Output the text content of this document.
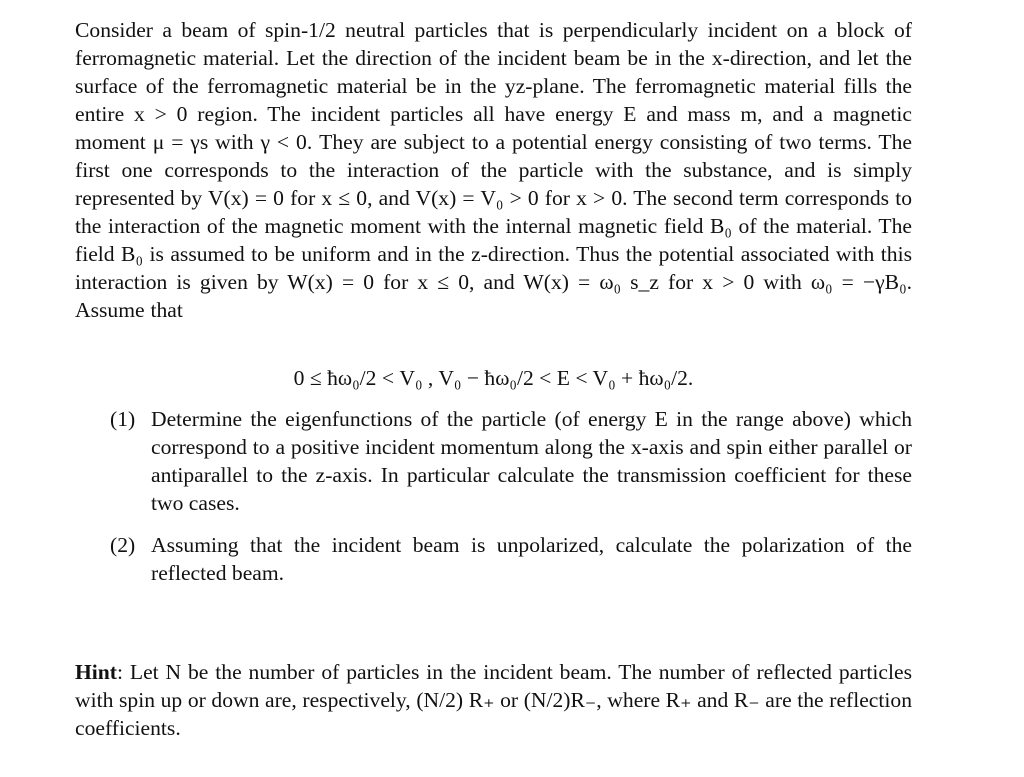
Consider a beam of spin-1/2 neutral particles that is perpendicularly incident on a block of ferromagnetic material. Let the direction of the incident beam be in the x-direction, and let the surface of the ferromagnetic material be in the yz-plane. The ferromagnetic material fills the entire x > 0 region. The incident particles all have energy E and mass m, and a magnetic moment μ = γs with γ < 0. They are subject to a potential energy consisting of two terms. The first one corresponds to the interaction of the particle with the substance, and is simply represented by V(x) = 0 for x ≤ 0, and V(x) = V₀ > 0 for x > 0. The second term corresponds to the interaction of the magnetic moment with the internal magnetic field B₀ of the material. The field B₀ is assumed to be uniform and in the z-direction. Thus the potential associated with this interaction is given by W(x) = 0 for x ≤ 0, and W(x) = ω₀ s_z for x > 0 with ω₀ = −γB₀. Assume that

0 ≤ ħω₀/2 < V₀ , V₀ − ħω₀/2 < E < V₀ + ħω₀/2.
(1) Determine the eigenfunctions of the particle (of energy E in the range above) which correspond to a positive incident momentum along the x-axis and spin either parallel or antiparallel to the z-axis. In particular calculate the transmission coefficient for these two cases.
(2) Assuming that the incident beam is unpolarized, calculate the polarization of the reflected beam.
Hint: Let N be the number of particles in the incident beam. The number of reflected particles with spin up or down are, respectively, (N/2) R₊ or (N/2)R₋, where R₊ and R₋ are the reflection coefficients.
